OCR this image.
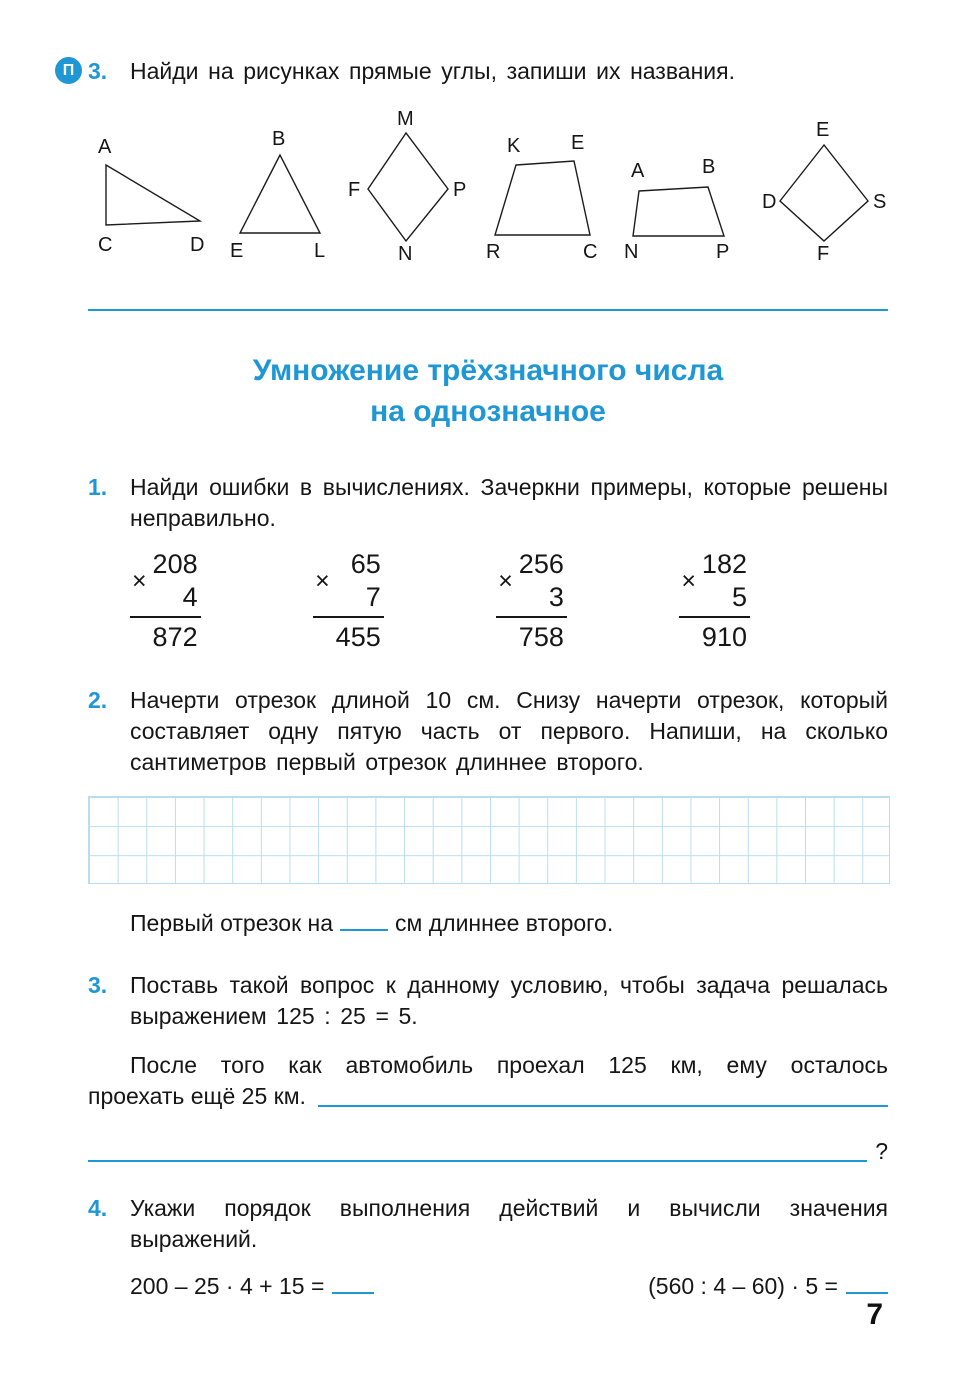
П 3. Найди на рисунках прямые углы, запиши их названия.

A
C	D
B
E	L
M
F	P
N
K	E
R	C
A	B
N	P
E
D	S
F
Умножение трёхзначного числа
на однозначное
1. Найди ошибки в вычислениях. Зачеркни примеры, которые решены неправильно.

×
208
4
872	×
65
7
455	×
256
3
758	×
182
5
910
2. Начерти отрезок длиной 10 см. Снизу начерти отрезок, который составляет одну пятую часть от первого. Напиши, на сколько сантиметров первый отрезок длиннее второго.

Первый отрезок на	см длиннее второго.

3. Поставь такой вопрос к данному условию, чтобы задача решалась выражением 125 : 25 = 5.

После того как автомобиль проехал 125 км, ему осталось

проехать ещё 25 км.
?
4. Укажи порядок выполнения действий и вычисли значения выражений.

200 – 25 · 4 + 15 =	(560 : 4 – 60) · 5 =
7
